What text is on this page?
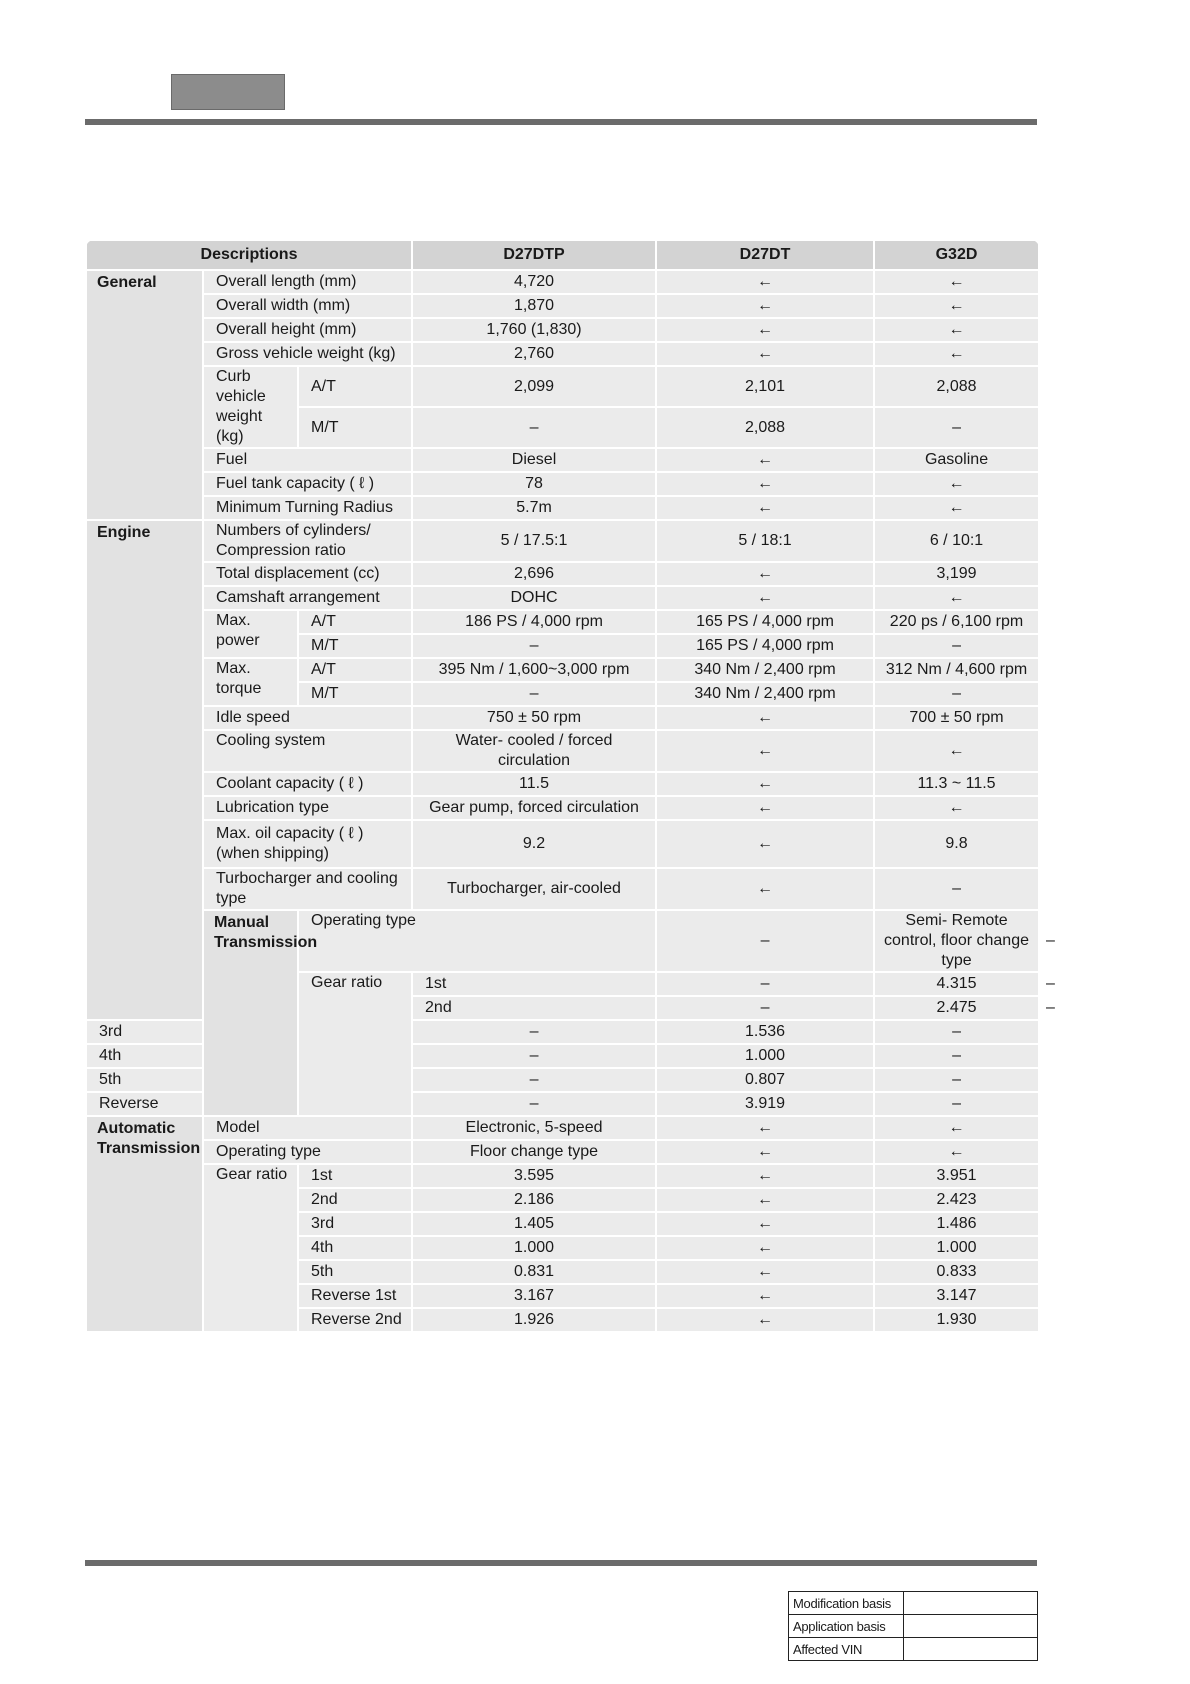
Descriptions			D27DTP	D27DT	G32D	
General	Overall length (mm)		4,720	←	←	
	Overall width (mm)		1,870	←	←	
	Overall height (mm)		1,760 (1,830)	←	←	
	Gross vehicle weight (kg)		2,760	←	←	
	Curb vehicle weight (kg)	A/T	2,099	2,101	2,088	
		M/T	–	2,088	–	
	Fuel		Diesel	←	Gasoline	
	Fuel tank capacity ( ℓ )		78	←	←	
	Minimum Turning Radius		5.7m	←	←	
Engine	Numbers of cylinders/ Compression ratio		5 / 17.5:1	5 / 18:1	6 / 10:1	
	Total displacement (cc)		2,696	←	3,199	
	Camshaft arrangement		DOHC	←	←	
	Max. power	A/T	186 PS / 4,000 rpm	165 PS / 4,000 rpm	220 ps / 6,100 rpm	
		M/T	–	165 PS / 4,000 rpm	–	
	Max. torque	A/T	395 Nm / 1,600~3,000 rpm	340 Nm / 2,400 rpm	312 Nm / 4,600 rpm	
		M/T	–	340 Nm / 2,400 rpm	–	
	Idle speed		750 ± 50 rpm	←	700 ± 50 rpm	
	Cooling system		Water- cooled / forced circulation	←	←	
	Coolant capacity ( ℓ )		11.5	←	11.3 ~ 11.5	
	Lubrication type		Gear pump, forced circulation	←	←	
	Max. oil capacity ( ℓ ) (when shipping)		9.2	←	9.8	
	Turbocharger and cooling type		Turbocharger, air-cooled	←	–	
	Manual Transmission	Operating type		–	Semi- Remote control, floor change type	–
		Gear ratio	1st	–	4.315	–
			2nd	–	2.475	–
3rd			–	1.536	–	
4th			–	1.000	–	
5th			–	0.807	–	
Reverse			–	3.919	–	
Automatic Transmission	Model		Electronic, 5-speed	←	←	
	Operating type		Floor change type	←	←	
	Gear ratio	1st	3.595	←	3.951	
		2nd	2.186	←	2.423	
		3rd	1.405	←	1.486	
		4th	1.000	←	1.000	
		5th	0.831	←	0.833	
		Reverse 1st	3.167	←	3.147	
		Reverse 2nd	1.926	←	1.930	
Modification basis	
Application basis	
Affected VIN	
